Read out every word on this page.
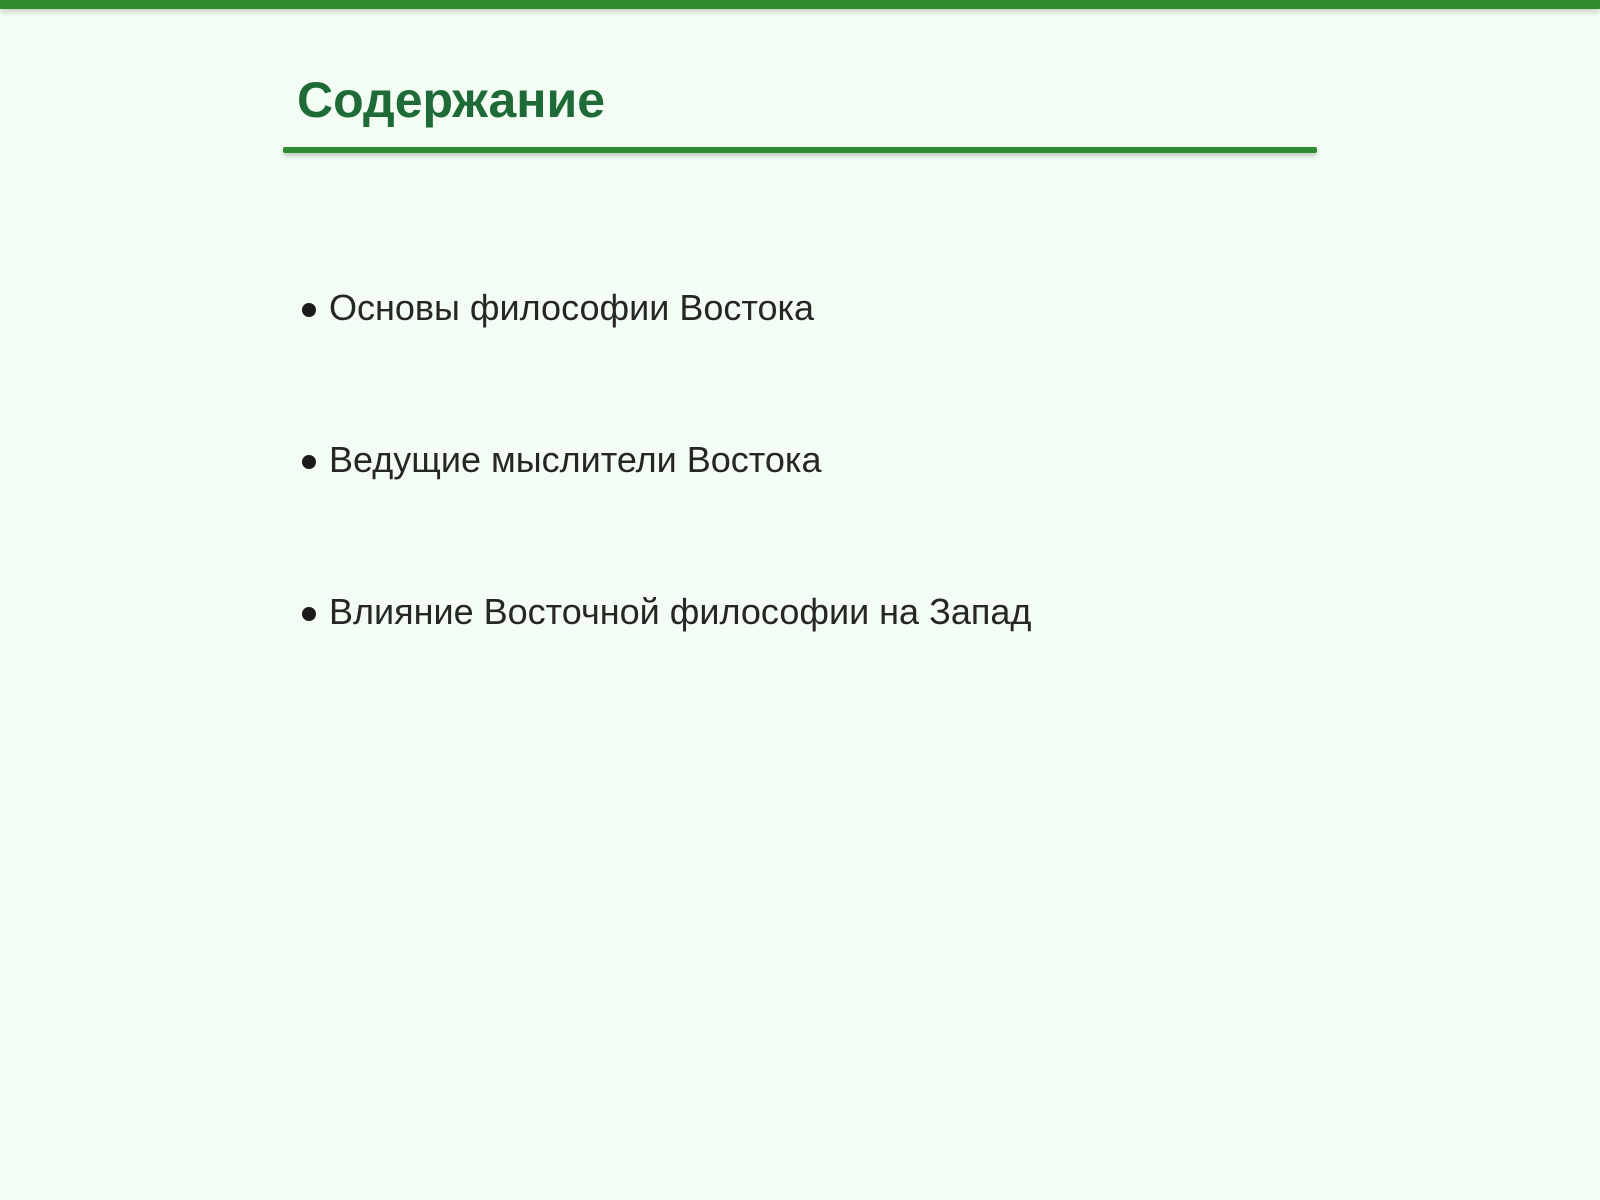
Содержание
Основы философии Востока
Ведущие мыслители Востока
Влияние Восточной философии на Запад
